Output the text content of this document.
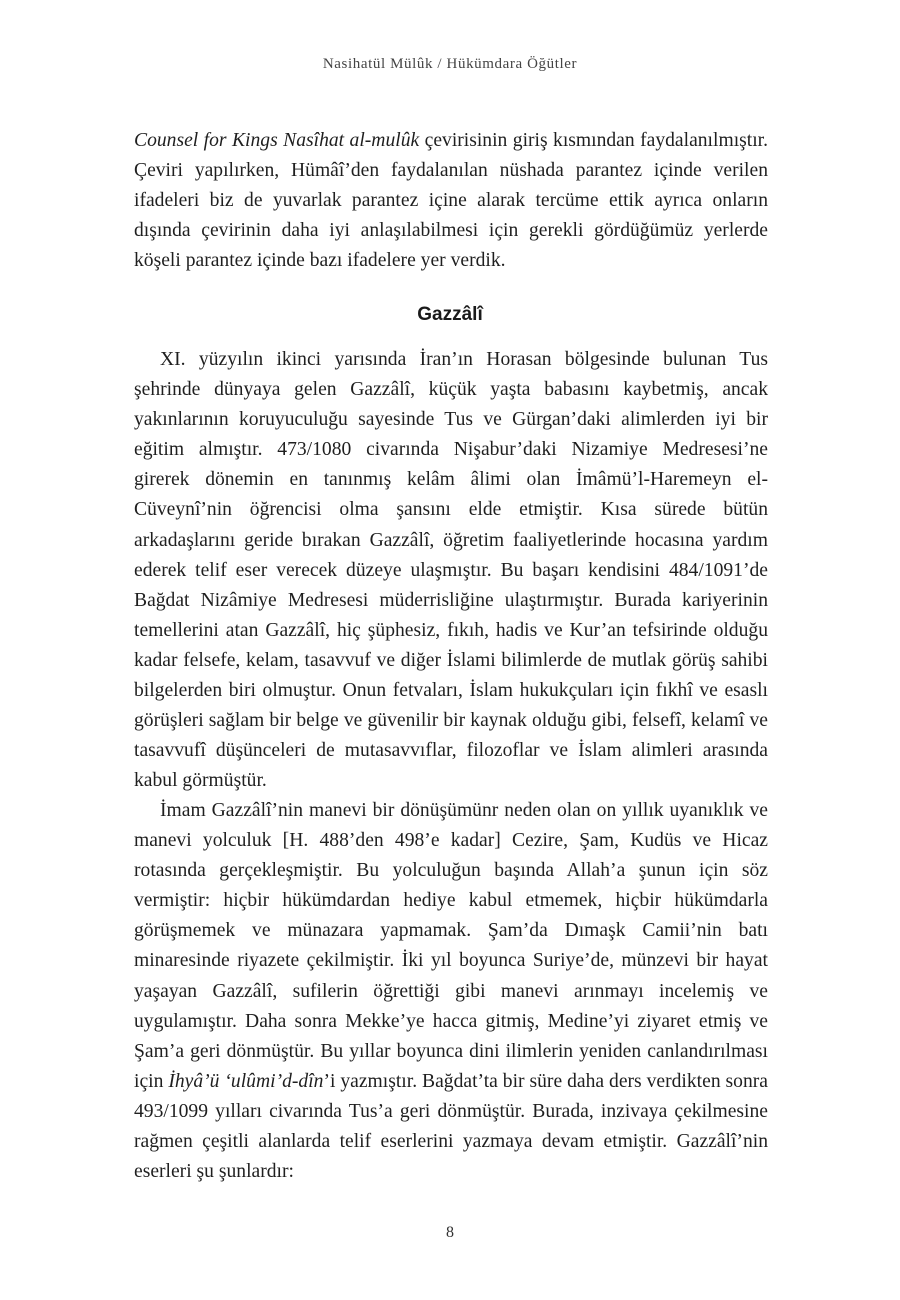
Nasihatül Mülûk / Hükümdara Öğütler

Counsel for Kings Nasîhat al-mulûk çevirisinin giriş kısmından faydalanılmıştır. Çeviri yapılırken, Hümâî’den faydalanılan nüshada parantez içinde verilen ifadeleri biz de yuvarlak parantez içine alarak tercüme ettik ayrıca onların dışında çevirinin daha iyi anlaşılabilmesi için gerekli gördüğümüz yerlerde köşeli parantez içinde bazı ifadelere yer verdik.

Gazzâlî

XI. yüzyılın ikinci yarısında İran’ın Horasan bölgesinde bulunan Tus şehrinde dünyaya gelen Gazzâlî, küçük yaşta babasını kaybetmiş, ancak yakınlarının koruyuculuğu sayesinde Tus ve Gürgan’daki alimlerden iyi bir eğitim almıştır. 473/1080 civarında Nişabur’daki Nizamiye Medresesi’ne girerek dönemin en tanınmış kelâm âlimi olan İmâmü’l-Haremeyn el-Cüveynî’nin öğrencisi olma şansını elde etmiştir. Kısa sürede bütün arkadaşlarını geride bırakan Gazzâlî, öğretim faaliyetlerinde hocasına yardım ederek telif eser verecek düzeye ulaşmıştır. Bu başarı kendisini 484/1091’de Bağdat Nizâmiye Medresesi müderrisliğine ulaştırmıştır. Burada kariyerinin temellerini atan Gazzâlî, hiç şüphesiz, fıkıh, hadis ve Kur’an tefsirinde olduğu kadar felsefe, kelam, tasavvuf ve diğer İslami bilimlerde de mutlak görüş sahibi bilgelerden biri olmuştur. Onun fetvaları, İslam hukukçuları için fıkhî ve esaslı görüşleri sağlam bir belge ve güvenilir bir kaynak olduğu gibi, felsefî, kelamî ve tasavvufî düşünceleri de mutasavvıflar, filozoflar ve İslam alimleri arasında kabul görmüştür.

İmam Gazzâlî’nin manevi bir dönüşümünr neden olan on yıllık uyanıklık ve manevi yolculuk [H. 488’den 498’e kadar] Cezire, Şam, Kudüs ve Hicaz rotasında gerçekleşmiştir. Bu yolculuğun başında Allah’a şunun için söz vermiştir: hiçbir hükümdardan hediye kabul etmemek, hiçbir hükümdarla görüşmemek ve münazara yapmamak. Şam’da Dımaşk Camii’nin batı minaresinde riyazete çekilmiştir. İki yıl boyunca Suriye’de, münzevi bir hayat yaşayan Gazzâlî, sufilerin öğrettiği gibi manevi arınmayı incelemiş ve uygulamıştır. Daha sonra Mekke’ye hacca gitmiş, Medine’yi ziyaret etmiş ve Şam’a geri dönmüştür. Bu yıllar boyunca dini ilimlerin yeniden canlandırılması için İhyâ’ü ‘ulûmi’d-dîn’i yazmıştır. Bağdat’ta bir süre daha ders verdikten sonra 493/1099 yılları civarında Tus’a geri dönmüştür. Burada, inzivaya çekilmesine rağmen çeşitli alanlarda telif eserlerini yazmaya devam etmiştir. Gazzâlî’nin eserleri şu şunlardır:

8
